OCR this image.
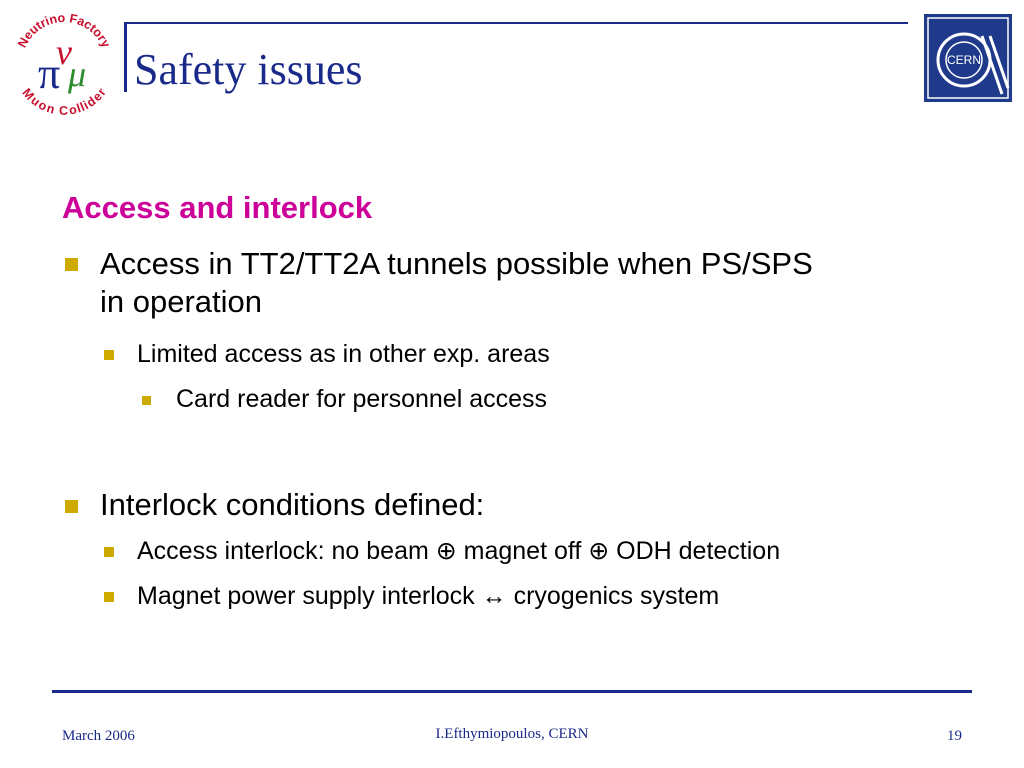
Neutrino Factory
Muon Collider
π
ν
μ Safety issues	CERN
Access and interlock
Access in TT2/TT2A tunnels possible when PS/SPS
in operation
Limited access as in other exp. areas
Card reader for personnel access
Interlock conditions defined:
Access interlock: no beam ⊕ magnet off ⊕ ODH detection
Magnet power supply interlock ↔ cryogenics system
March 2006	I.Efthymiopoulos, CERN	19
